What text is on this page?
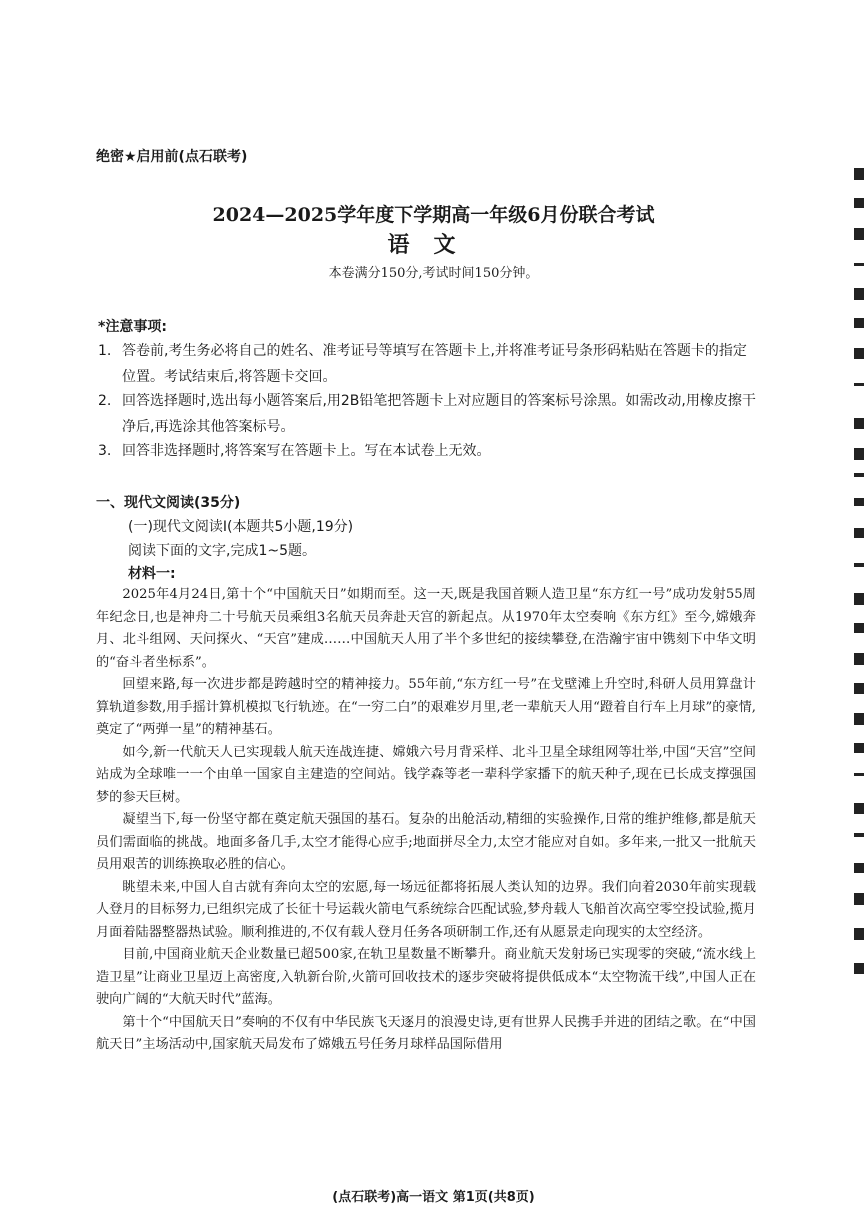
绝密★启用前(点石联考)
2024—2025学年度下学期高一年级6月份联合考试
语文
本卷满分150分,考试时间150分钟。
*注意事项:
1. 答卷前,考生务必将自己的姓名、准考证号等填写在答题卡上,并将准考证号条形码粘贴在答题卡的指定位置。考试结束后,将答题卡交回。
2. 回答选择题时,选出每小题答案后,用2B铅笔把答题卡上对应题目的答案标号涂黑。如需改动,用橡皮擦干净后,再选涂其他答案标号。
3. 回答非选择题时,将答案写在答题卡上。写在本试卷上无效。
一、现代文阅读(35分)
(一)现代文阅读Ⅰ(本题共5小题,19分)
阅读下面的文字,完成1~5题。
材料一:

2025年4月24日,第十个“中国航天日”如期而至。这一天,既是我国首颗人造卫星“东方红一号”成功发射55周年纪念日,也是神舟二十号航天员乘组3名航天员奔赴天宫的新起点。从1970年太空奏响《东方红》至今,嫦娥奔月、北斗组网、天问探火、“天宫”建成……中国航天人用了半个多世纪的接续攀登,在浩瀚宇宙中镌刻下中华文明的“奋斗者坐标系”。

回望来路,每一次进步都是跨越时空的精神接力。55年前,“东方红一号”在戈壁滩上升空时,科研人员用算盘计算轨道参数,用手摇计算机模拟飞行轨迹。在“一穷二白”的艰难岁月里,老一辈航天人用“蹬着自行车上月球”的豪情,奠定了“两弹一星”的精神基石。

如今,新一代航天人已实现载人航天连战连捷、嫦娥六号月背采样、北斗卫星全球组网等壮举,中国“天宫”空间站成为全球唯一一个由单一国家自主建造的空间站。钱学森等老一辈科学家播下的航天种子,现在已长成支撑强国梦的参天巨树。

凝望当下,每一份坚守都在奠定航天强国的基石。复杂的出舱活动,精细的实验操作,日常的维护维修,都是航天员们需面临的挑战。地面多备几手,太空才能得心应手;地面拼尽全力,太空才能应对自如。多年来,一批又一批航天员用艰苦的训练换取必胜的信心。

眺望未来,中国人自古就有奔向太空的宏愿,每一场远征都将拓展人类认知的边界。我们向着2030年前实现载人登月的目标努力,已组织完成了长征十号运载火箭电气系统综合匹配试验,梦舟载人飞船首次高空零空投试验,揽月月面着陆器整器热试验。顺利推进的,不仅有载人登月任务各项研制工作,还有从愿景走向现实的太空经济。

目前,中国商业航天企业数量已超500家,在轨卫星数量不断攀升。商业航天发射场已实现零的突破,“流水线上造卫星”让商业卫星迈上高密度,入轨新台阶,火箭可回收技术的逐步突破将提供低成本“太空物流干线”,中国人正在驶向广阔的“大航天时代”蓝海。

第十个“中国航天日”奏响的不仅有中华民族飞天逐月的浪漫史诗,更有世界人民携手并进的团结之歌。在“中国航天日”主场活动中,国家航天局发布了嫦娥五号任务月球样品国际借用

(点石联考)高一语文 第1页(共8页)
